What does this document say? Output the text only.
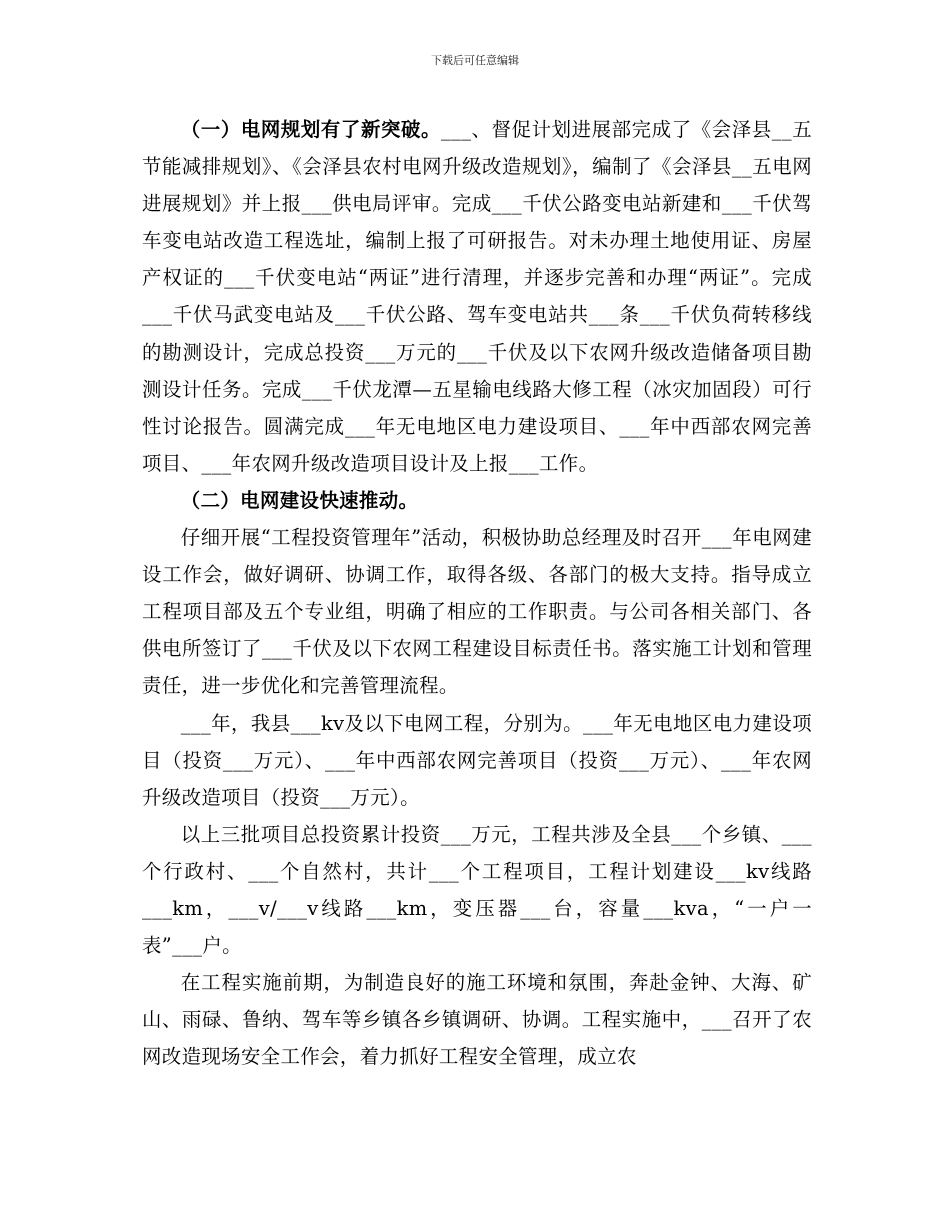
下载后可任意编辑

（一）电网规划有了新突破。___、督促计划进展部完成了《会泽县__五节能减排规划》、《会泽县农村电网升级改造规划》，编制了《会泽县__五电网进展规划》并上报___供电局评审。完成___千伏公路变电站新建和___千伏驾车变电站改造工程选址，编制上报了可研报告。对未办理土地使用证、房屋产权证的___千伏变电站“两证”进行清理，并逐步完善和办理“两证”。完成___千伏马武变电站及___千伏公路、驾车变电站共___条___千伏负荷转移线的勘测设计，完成总投资___万元的___千伏及以下农网升级改造储备项目勘测设计任务。完成___千伏龙潭—五星输电线路大修工程（冰灾加固段）可行性讨论报告。圆满完成___年无电地区电力建设项目、___年中西部农网完善项目、___年农网升级改造项目设计及上报___工作。

（二）电网建设快速推动。

仔细开展“工程投资管理年”活动，积极协助总经理及时召开___年电网建设工作会，做好调研、协调工作，取得各级、各部门的极大支持。指导成立工程项目部及五个专业组，明确了相应的工作职责。与公司各相关部门、各供电所签订了___千伏及以下农网工程建设目标责任书。落实施工计划和管理责任，进一步优化和完善管理流程。

___年，我县___kv及以下电网工程，分别为。___年无电地区电力建设项目（投资___万元）、___年中西部农网完善项目（投资___万元）、___年农网升级改造项目（投资___万元）。

以上三批项目总投资累计投资___万元，工程共涉及全县___个乡镇、___个行政村、___个自然村，共计___个工程项目，工程计划建设___kv线路___km，___v/___v线路___km，变压器___台，容量___kva，“一户一表”___户。

在工程实施前期，为制造良好的施工环境和氛围，奔赴金钟、大海、矿山、雨碌、鲁纳、驾车等乡镇各乡镇调研、协调。工程实施中，___召开了农网改造现场安全工作会，着力抓好工程安全管理，成立农
